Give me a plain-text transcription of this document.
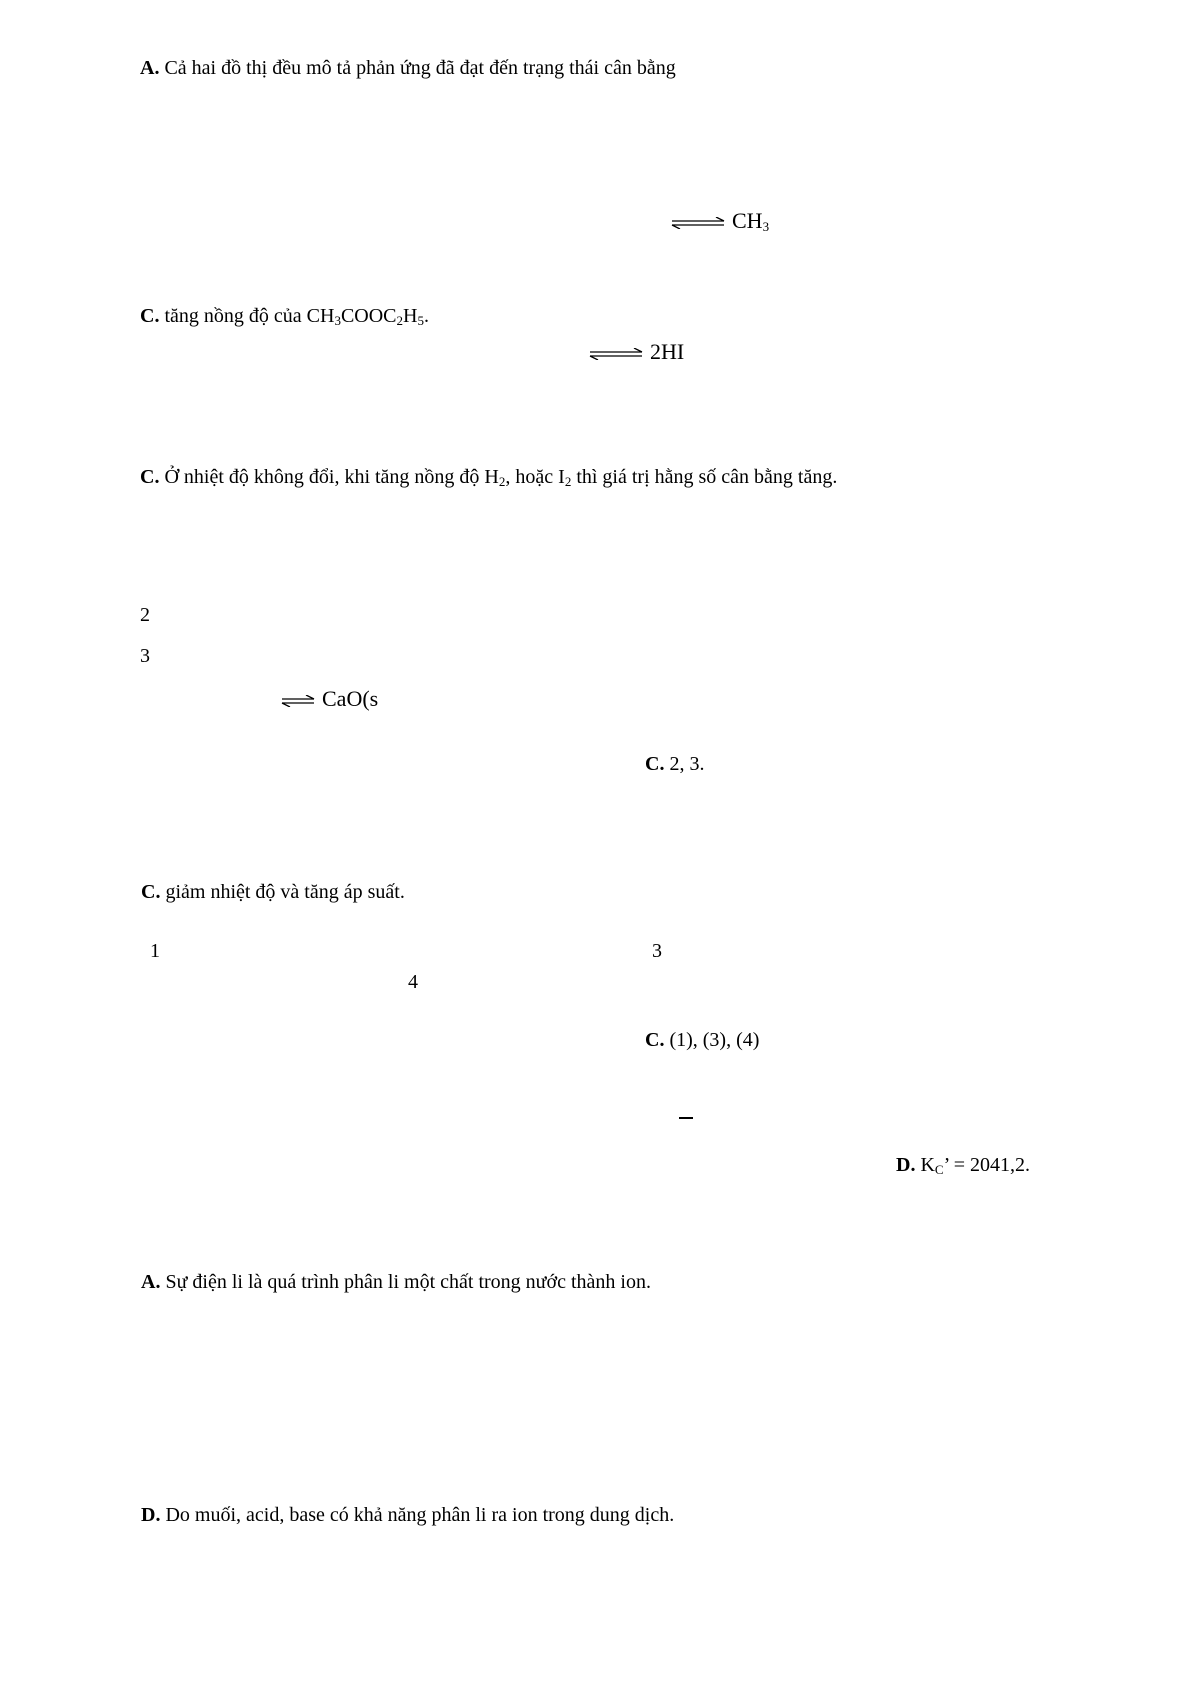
A. Cả hai đồ thị đều mô tả phản ứng đã đạt đến trạng thái cân bằng
⇌ $CH_3$
C. tăng nồng độ của $CH_3COOC_2H_5$.
⇌ 2HI
C. Ở nhiệt độ không đổi, khi tăng nồng độ $H_2$, hoặc $I_2$ thì giá trị hằng số cân bằng tăng.
2
3
⇌ CaO(s
C. 2, 3.
C. giảm nhiệt độ và tăng áp suất.
1	3
4
C. (1), (3), (4)
D. $K_C$’ = 2041,2.
A. Sự điện li là quá trình phân li một chất trong nước thành ion.
D. Do muối, acid, base có khả năng phân li ra ion trong dung dịch.
